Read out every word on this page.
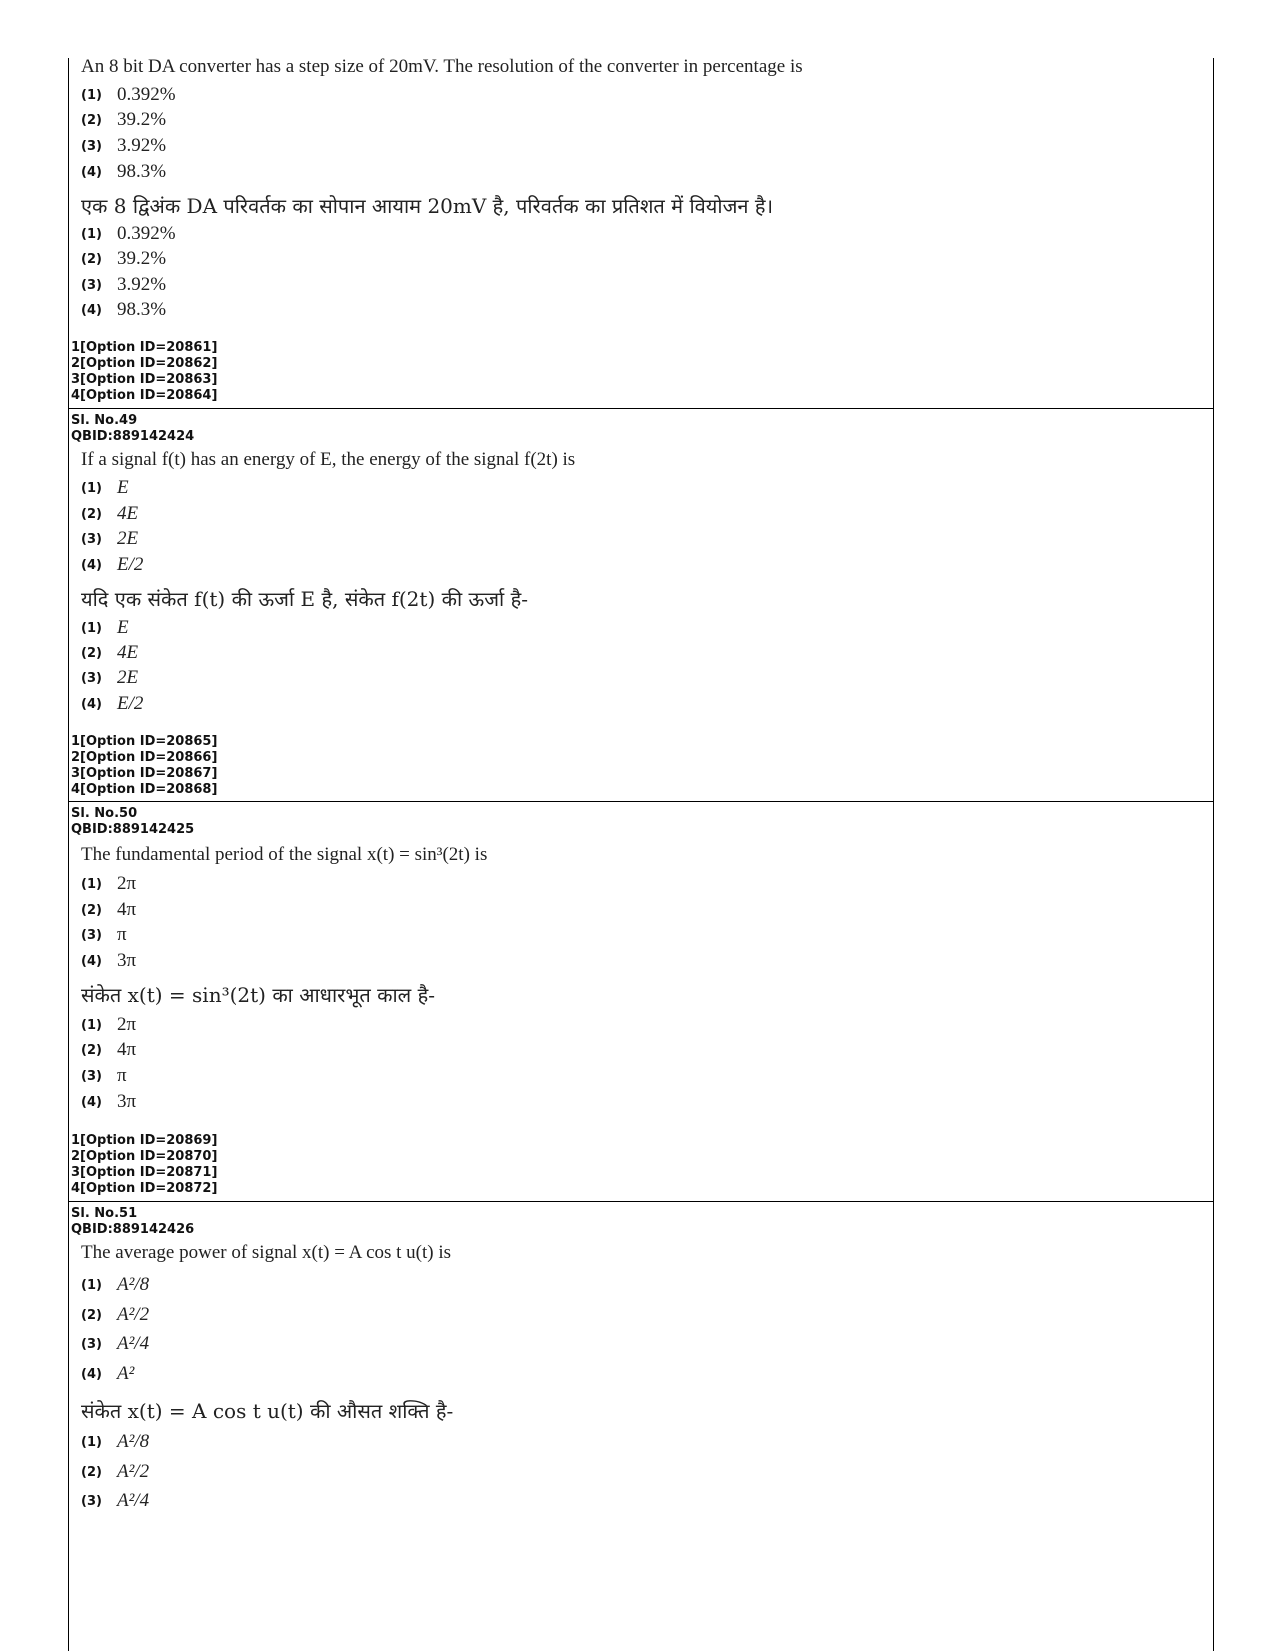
An 8 bit DA converter has a step size of 20mV. The resolution of the converter in percentage is
(1) 0.392%
(2) 39.2%
(3) 3.92%
(4) 98.3%
एक 8 द्विअंक DA परिवर्तक का सोपान आयाम 20mV है, परिवर्तक का प्रतिशत में वियोजन है।
(1) 0.392%
(2) 39.2%
(3) 3.92%
(4) 98.3%
1[Option ID=20861]
2[Option ID=20862]
3[Option ID=20863]
4[Option ID=20864]
Sl. No.49
QBID:889142424
If a signal f(t) has an energy of E, the energy of the signal f(2t) is
(1) E
(2) 4E
(3) 2E
(4) E/2
यदि एक संकेत f(t) की ऊर्जा E है, संकेत f(2t) की ऊर्जा है-
(1) E
(2) 4E
(3) 2E
(4) E/2
1[Option ID=20865]
2[Option ID=20866]
3[Option ID=20867]
4[Option ID=20868]
Sl. No.50
QBID:889142425
The fundamental period of the signal x(t) = sin³(2t) is
(1) 2π
(2) 4π
(3) π
(4) 3π
संकेत x(t) = sin³(2t) का आधारभूत काल है-
(1) 2π
(2) 4π
(3) π
(4) 3π
1[Option ID=20869]
2[Option ID=20870]
3[Option ID=20871]
4[Option ID=20872]
Sl. No.51
QBID:889142426
The average power of signal x(t) = A cos t u(t) is
(1) A²/8
(2) A²/2
(3) A²/4
(4) A²
संकेत x(t) = A cos t u(t) की औसत शक्ति है-
(1) A²/8
(2) A²/2
(3) A²/4
